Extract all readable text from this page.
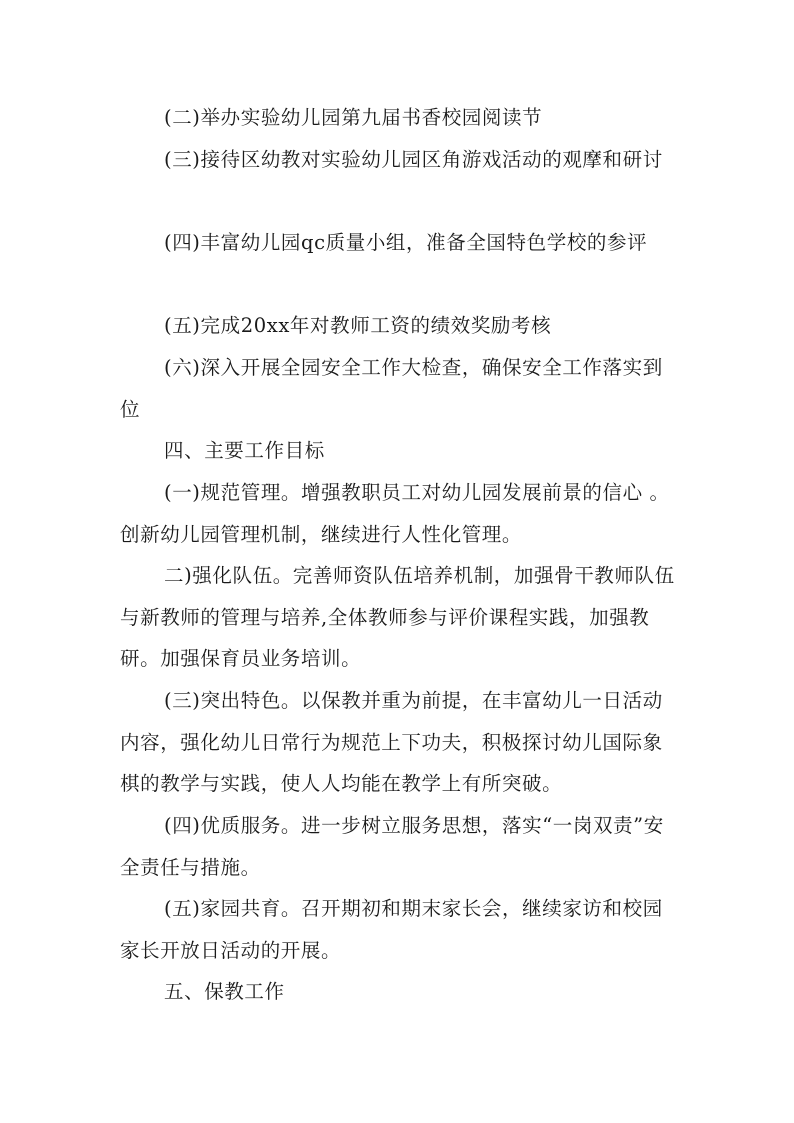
(二)举办实验幼儿园第九届书香校园阅读节

(三)接待区幼教对实验幼儿园区角游戏活动的观摩和研讨

(四)丰富幼儿园qc质量小组，准备全国特色学校的参评

(五)完成20xx年对教师工资的绩效奖励考核

(六)深入开展全园安全工作大检查，确保安全工作落实到位

四、主要工作目标

(一)规范管理。增强教职员工对幼儿园发展前景的信心 。创新幼儿园管理机制，继续进行人性化管理。

二)强化队伍。完善师资队伍培养机制，加强骨干教师队伍与新教师的管理与培养,全体教师参与评价课程实践，加强教研。加强保育员业务培训。

(三)突出特色。以保教并重为前提，在丰富幼儿一日活动内容，强化幼儿日常行为规范上下功夫，积极探讨幼儿国际象棋的教学与实践，使人人均能在教学上有所突破。

(四)优质服务。进一步树立服务思想，落实“一岗双责”安全责任与措施。

(五)家园共育。召开期初和期末家长会，继续家访和校园家长开放日活动的开展。

五、保教工作
